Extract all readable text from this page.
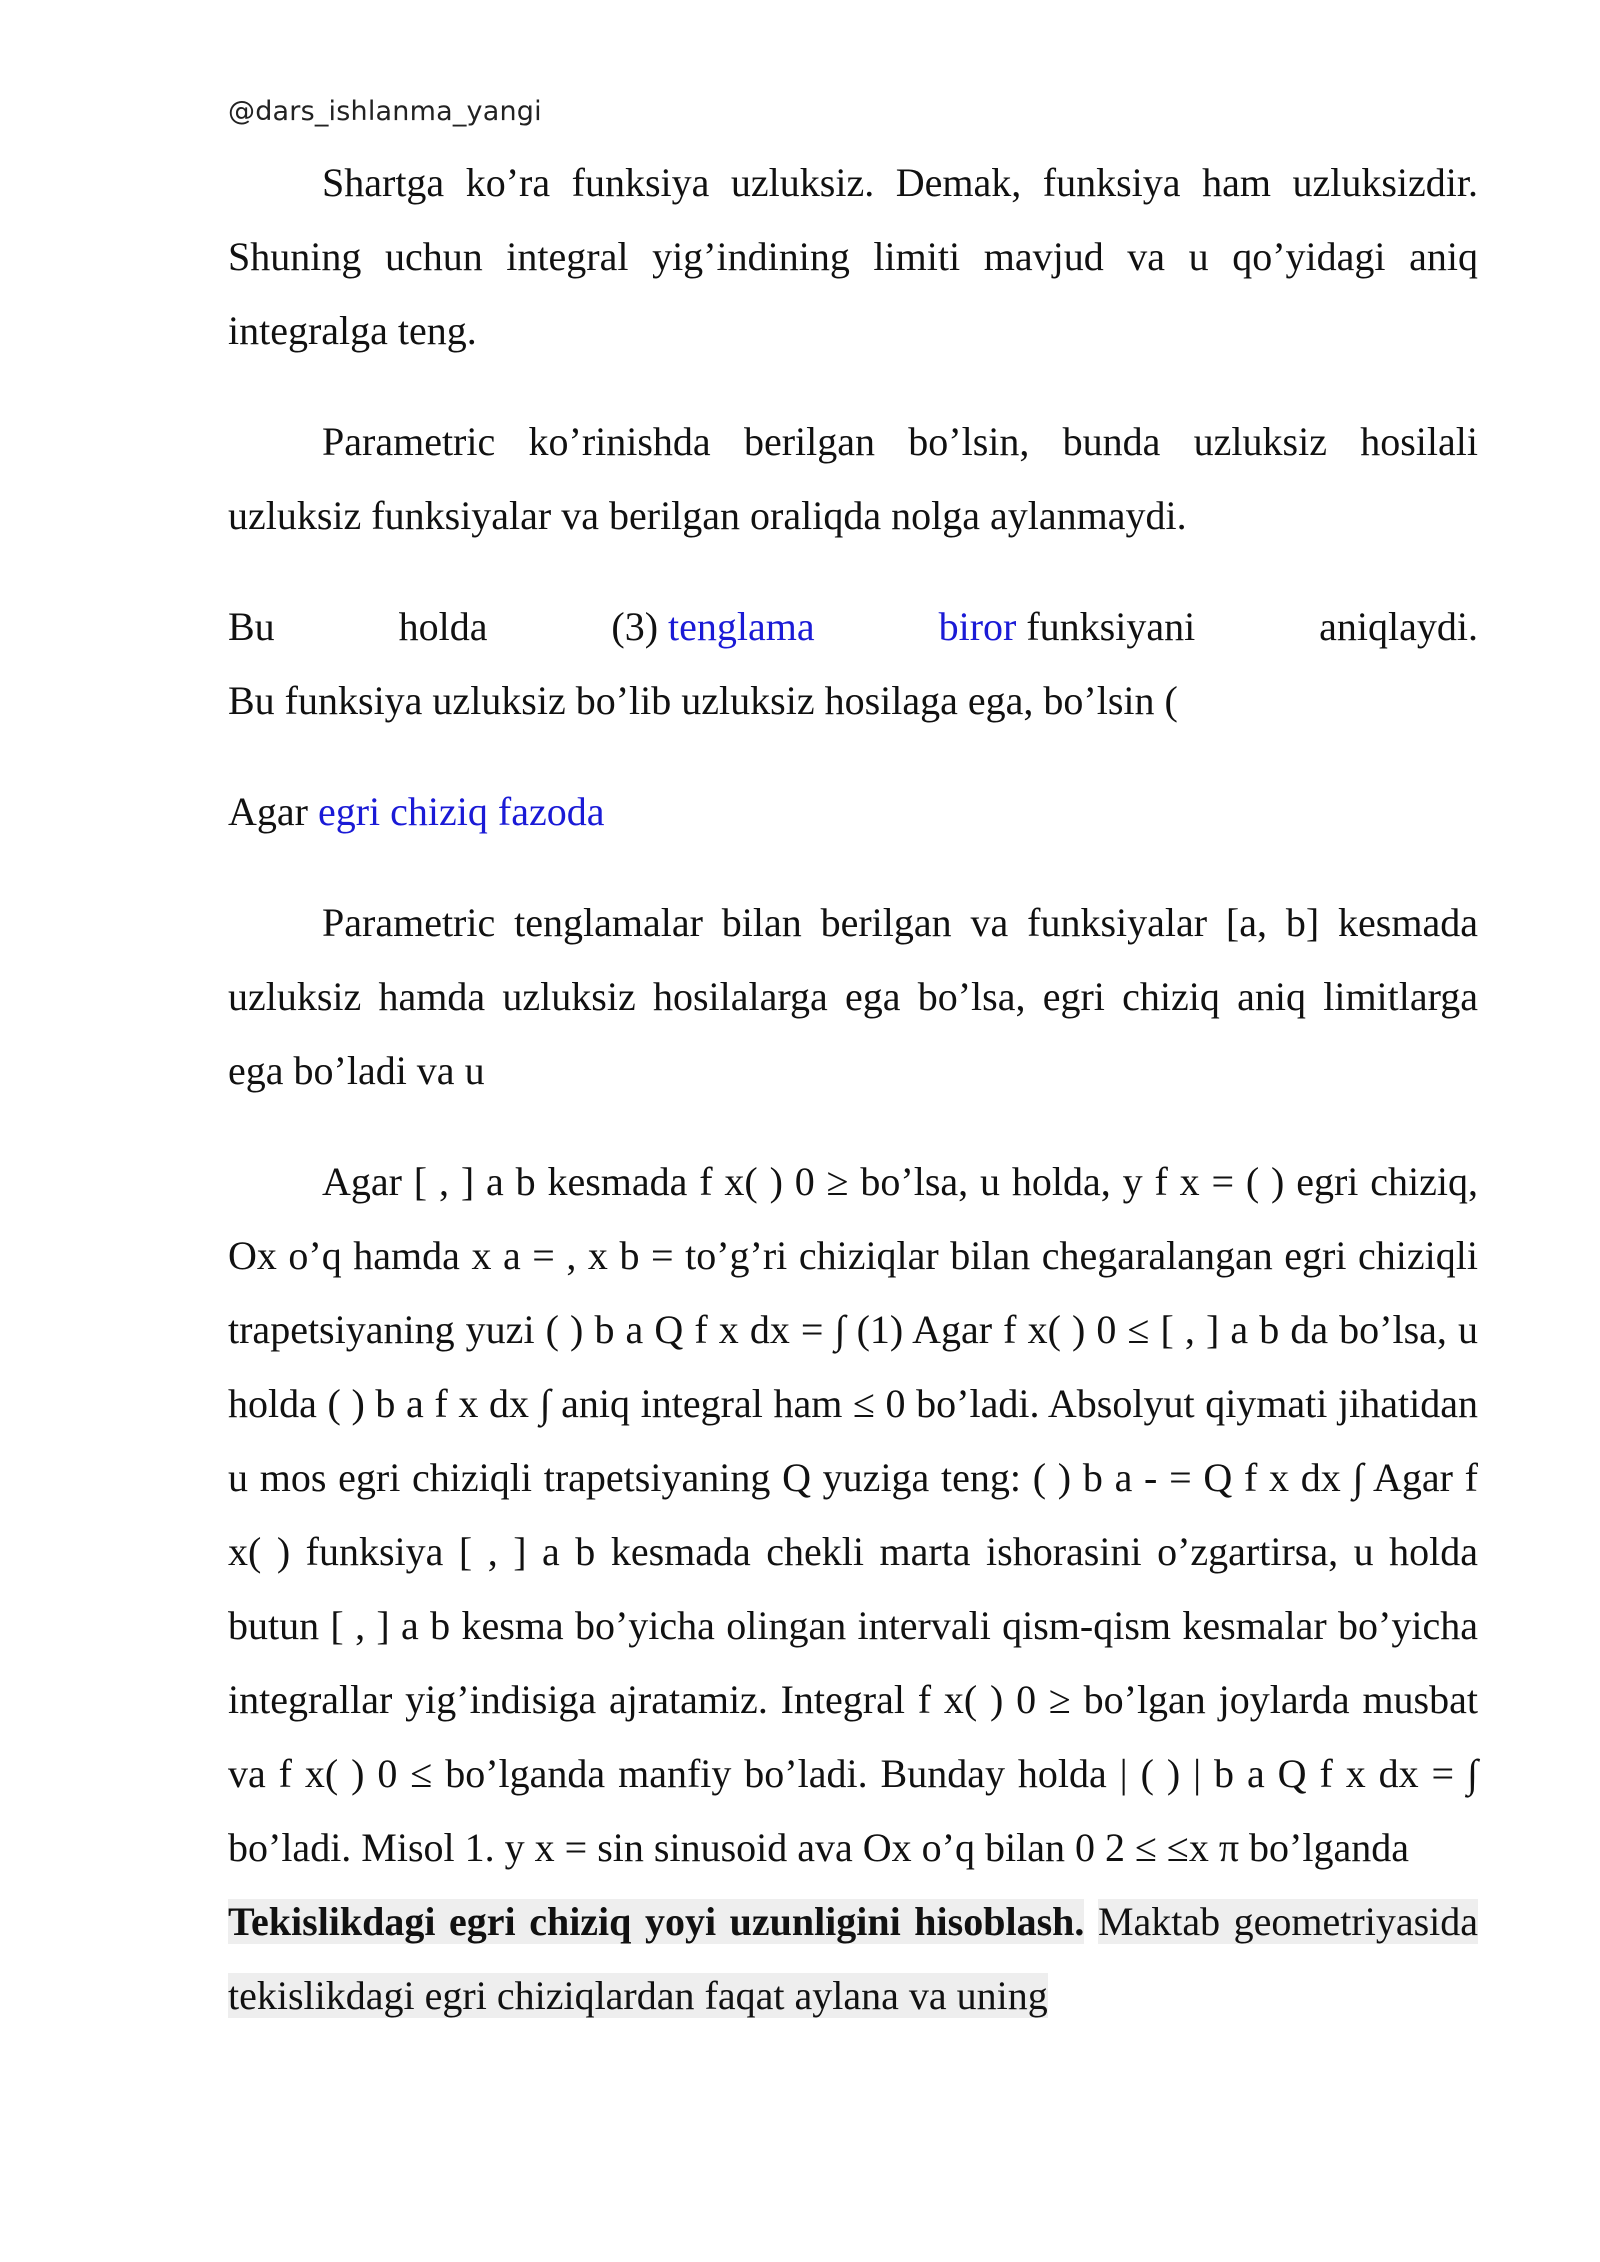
@dars_ishlanma_yangi

Shartga ko’ra funksiya uzluksiz. Demak, funksiya ham uzluksizdir. Shuning uchun integral yig’indining limiti mavjud va u qo’yidagi aniq integralga teng.

Parametric ko’rinishda berilgan bo’lsin, bunda uzluksiz hosilali uzluksiz funksiyalar va berilgan oraliqda nolga aylanmaydi.

Bu	holda	(3) tenglama	biror funksiyani	aniqlaydi.

Bu funksiya uzluksiz bo’lib uzluksiz hosilaga ega, bo’lsin (

Agar egri chiziq fazoda

Parametric tenglamalar bilan berilgan va funksiyalar [a, b] kesmada uzluksiz hamda uzluksiz hosilalarga ega bo’lsa, egri chiziq aniq limitlarga ega bo’ladi va u

Agar [ , ] a b kesmada f x( ) 0 ≥ bo’lsa, u holda, y f x = ( ) egri chiziq, Ox o’q hamda x a = , x b = to’g’ri chiziqlar bilan chegaralangan egri chiziqli trapetsiyaning yuzi ( ) b a Q f x dx = ∫ (1) Agar f x( ) 0 ≤ [ , ] a b da bo’lsa, u holda ( ) b a f x dx ∫ aniq integral ham ≤ 0 bo’ladi. Absolyut qiymati jihatidan u mos egri chiziqli trapetsiyaning Q yuziga teng: ( ) b a - = Q f x dx ∫ Agar f x( ) funksiya [ , ] a b kesmada chekli marta ishorasini o’zgartirsa, u holda butun [ , ] a b kesma bo’yicha olingan intervali qism-qism kesmalar bo’yicha integrallar yig’indisiga ajratamiz. Integral f x( ) 0 ≥ bo’lgan joylarda musbat va f x( ) 0 ≤ bo’lganda manfiy bo’ladi. Bunday holda | ( ) | b a Q f x dx = ∫ bo’ladi. Misol 1. y x = sin sinusoid ava Ox o’q bilan 0 2 ≤ ≤x π bo’lganda

Tekislikdagi egri chiziq yoyi uzunligini hisoblash. Maktab geometriyasida tekislikdagi egri chiziqlardan faqat aylana va uning
